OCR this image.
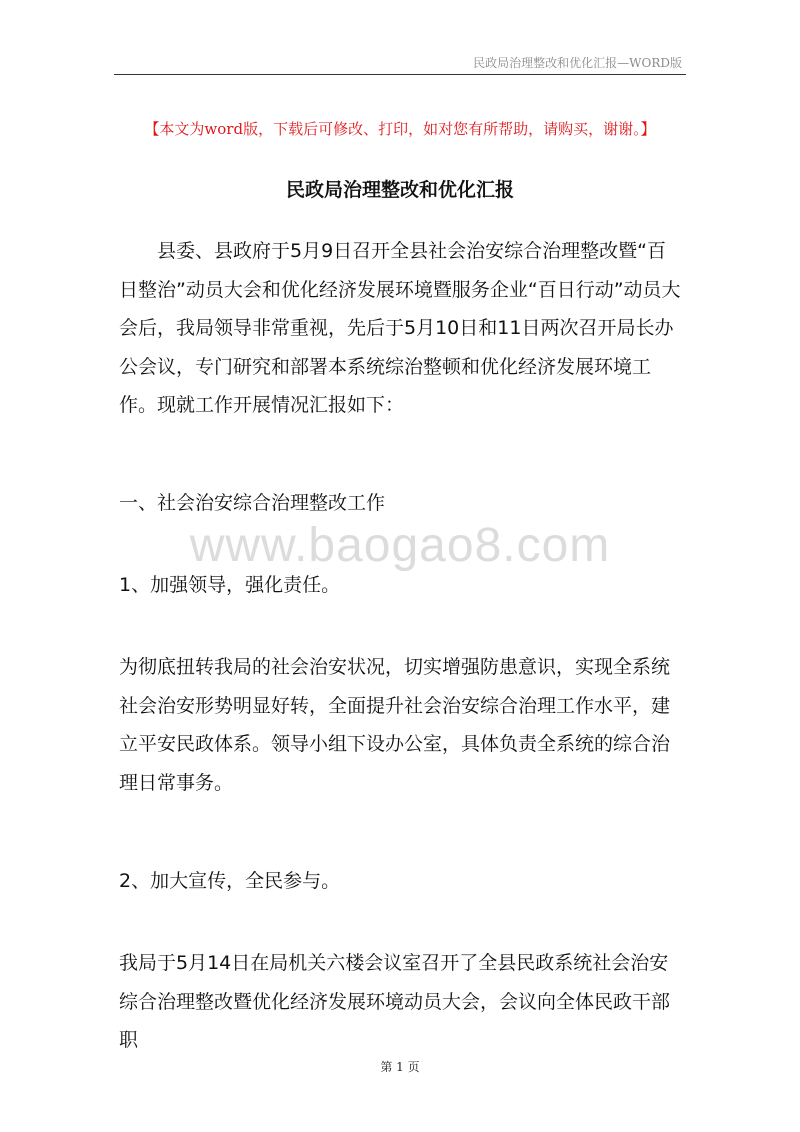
民政局治理整改和优化汇报—WORD版
【本文为word版，下载后可修改、打印，如对您有所帮助，请购买，谢谢。】
民政局治理整改和优化汇报

县委、县政府于5月9日召开全县社会治安综合治理整改暨“百日整治”动员大会和优化经济发展环境暨服务企业“百日行动”动员大会后，我局领导非常重视，先后于5月10日和11日两次召开局长办公会议，专门研究和部署本系统综治整顿和优化经济发展环境工作。现就工作开展情况汇报如下：

一、社会治安综合治理整改工作

www.baogao8.com

1、加强领导，强化责任。

为彻底扭转我局的社会治安状况，切实增强防患意识，实现全系统社会治安形势明显好转，全面提升社会治安综合治理工作水平，建立平安民政体系。领导小组下设办公室，具体负责全系统的综合治理日常事务。

2、加大宣传，全民参与。

我局于5月14日在局机关六楼会议室召开了全县民政系统社会治安综合治理整改暨优化经济发展环境动员大会，会议向全体民政干部职

第 1 页
